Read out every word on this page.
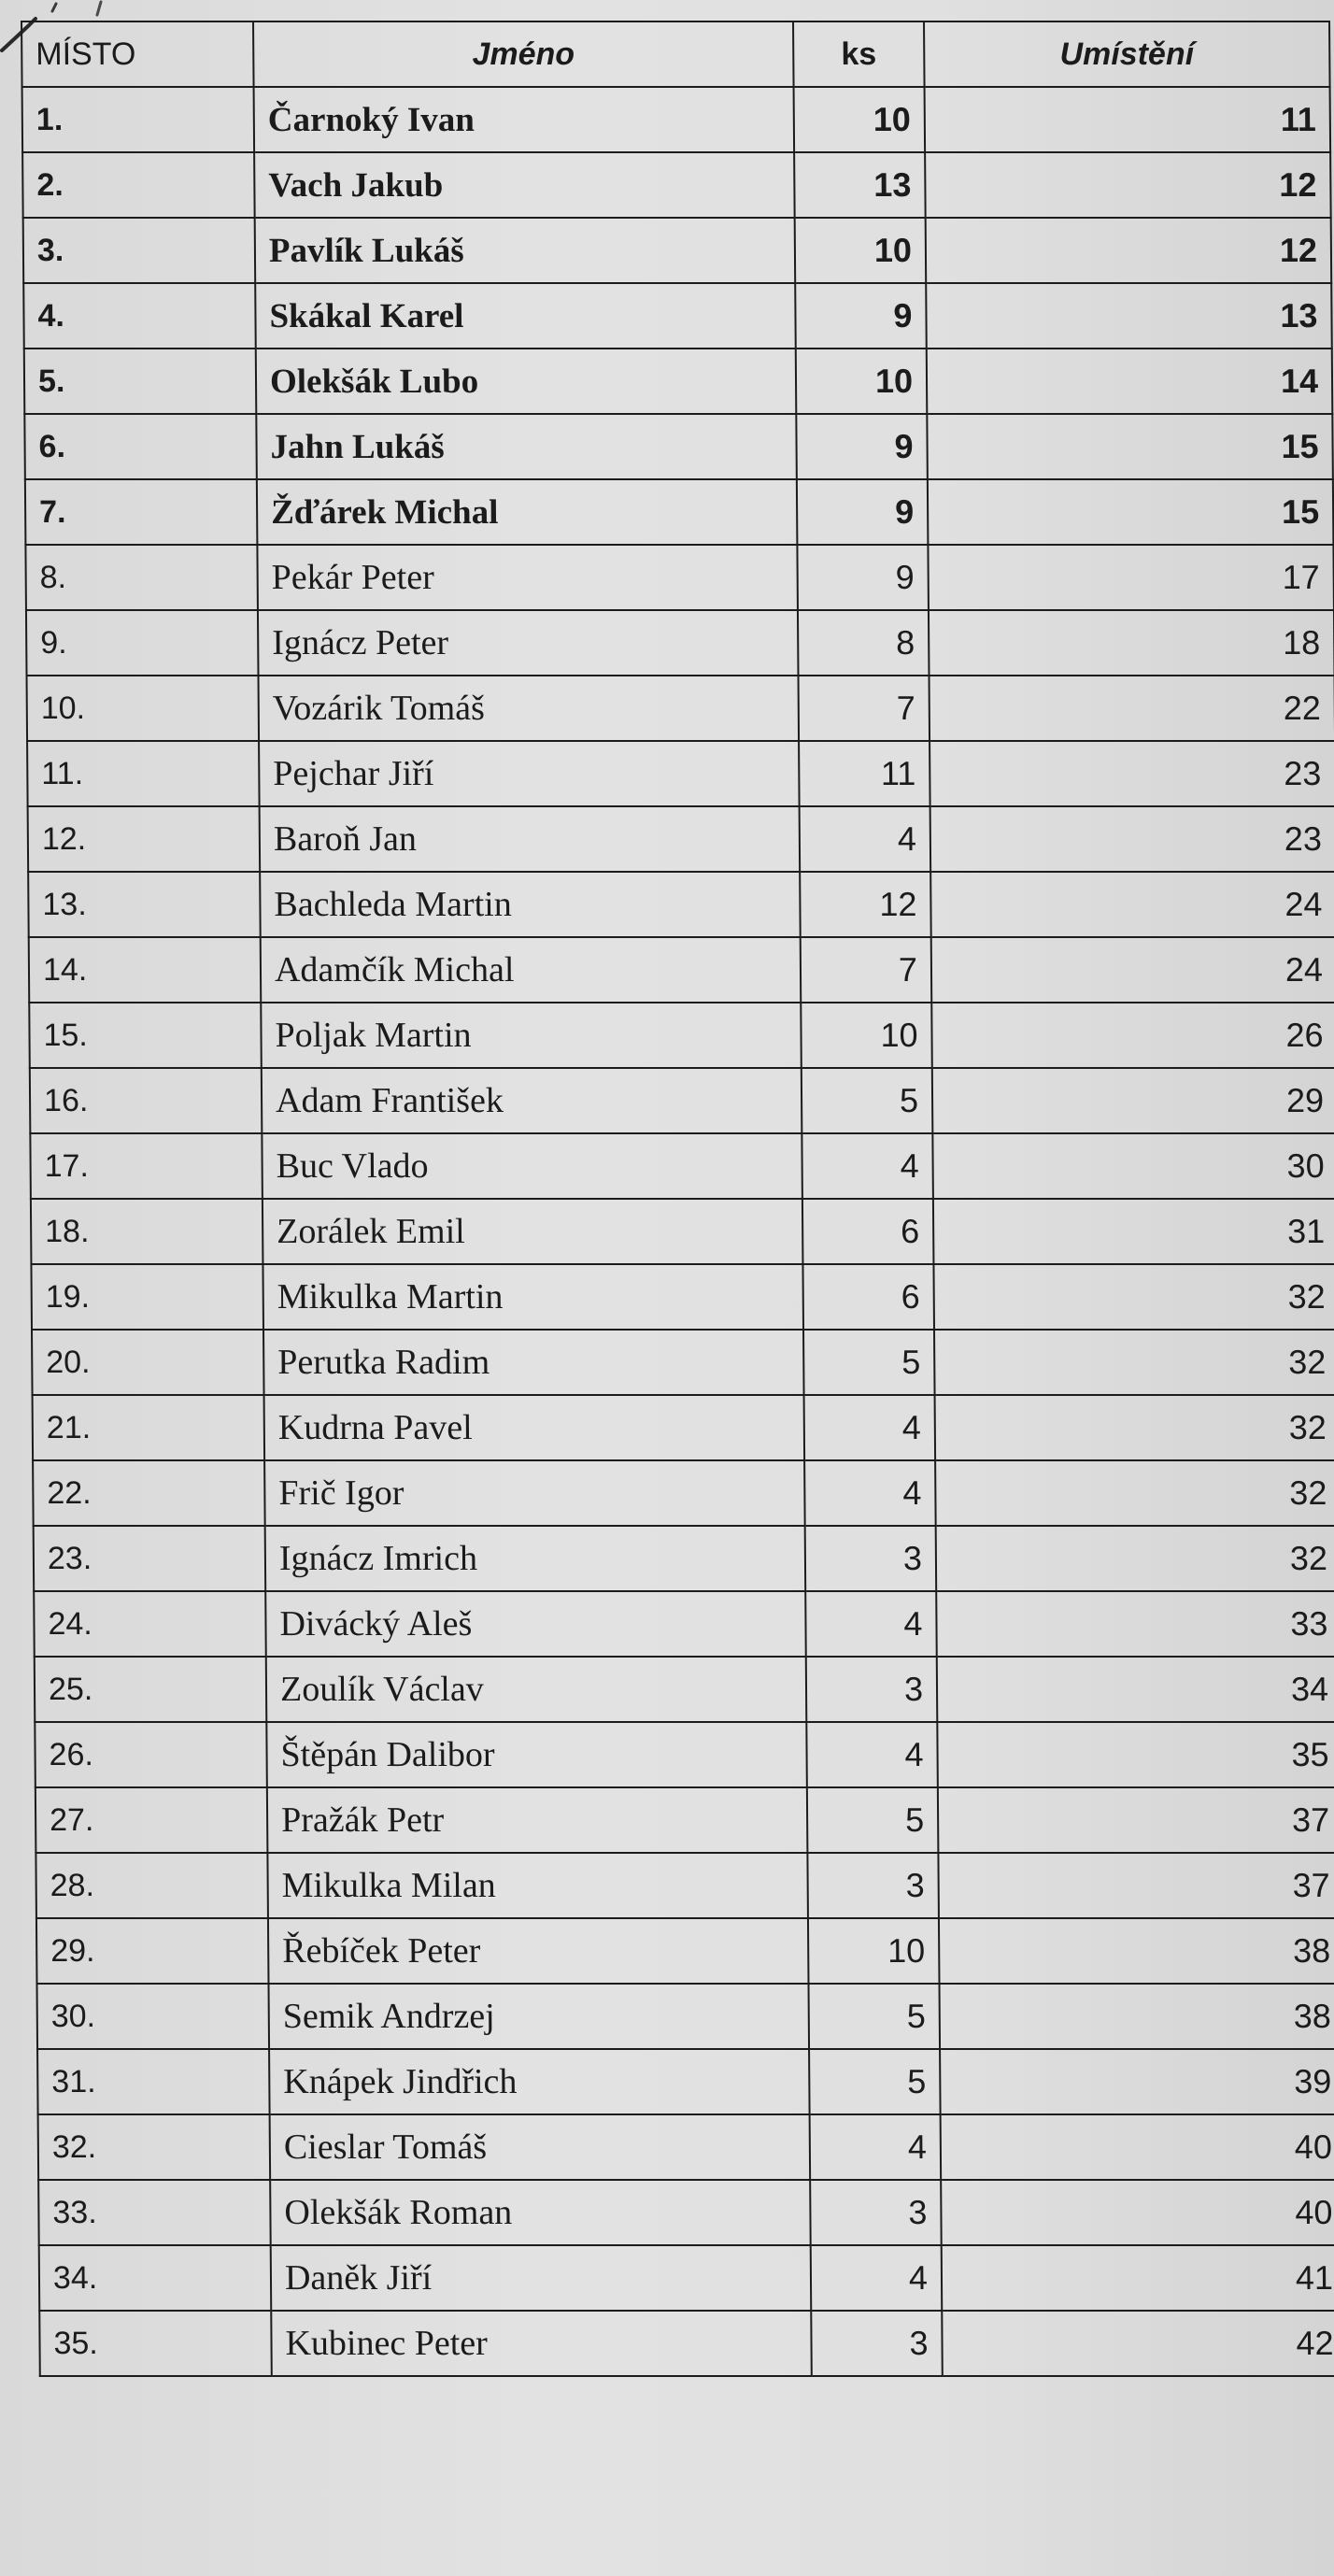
MÍSTO	Jméno	ks	Umístění
1.	Čarnoký Ivan	10	11
2.	Vach Jakub	13	12
3.	Pavlík Lukáš	10	12
4.	Skákal Karel	9	13
5.	Olekšák Lubo	10	14
6.	Jahn Lukáš	9	15
7.	Žďárek Michal	9	15
8.	Pekár Peter	9	17
9.	Ignácz Peter	8	18
10.	Vozárik Tomáš	7	22
11.	Pejchar Jiří	11	23
12.	Baroň Jan	4	23
13.	Bachleda Martin	12	24
14.	Adamčík Michal	7	24
15.	Poljak Martin	10	26
16.	Adam František	5	29
17.	Buc Vlado	4	30
18.	Zorálek Emil	6	31
19.	Mikulka Martin	6	32
20.	Perutka Radim	5	32
21.	Kudrna Pavel	4	32
22.	Frič Igor	4	32
23.	Ignácz Imrich	3	32
24.	Divácký Aleš	4	33
25.	Zoulík Václav	3	34
26.	Štěpán Dalibor	4	35
27.	Pražák Petr	5	37
28.	Mikulka Milan	3	37
29.	Řebíček Peter	10	38
30.	Semik Andrzej	5	38
31.	Knápek Jindřich	5	39
32.	Cieslar Tomáš	4	40
33.	Olekšák Roman	3	40
34.	Daněk Jiří	4	41
35.	Kubinec Peter	3	42
